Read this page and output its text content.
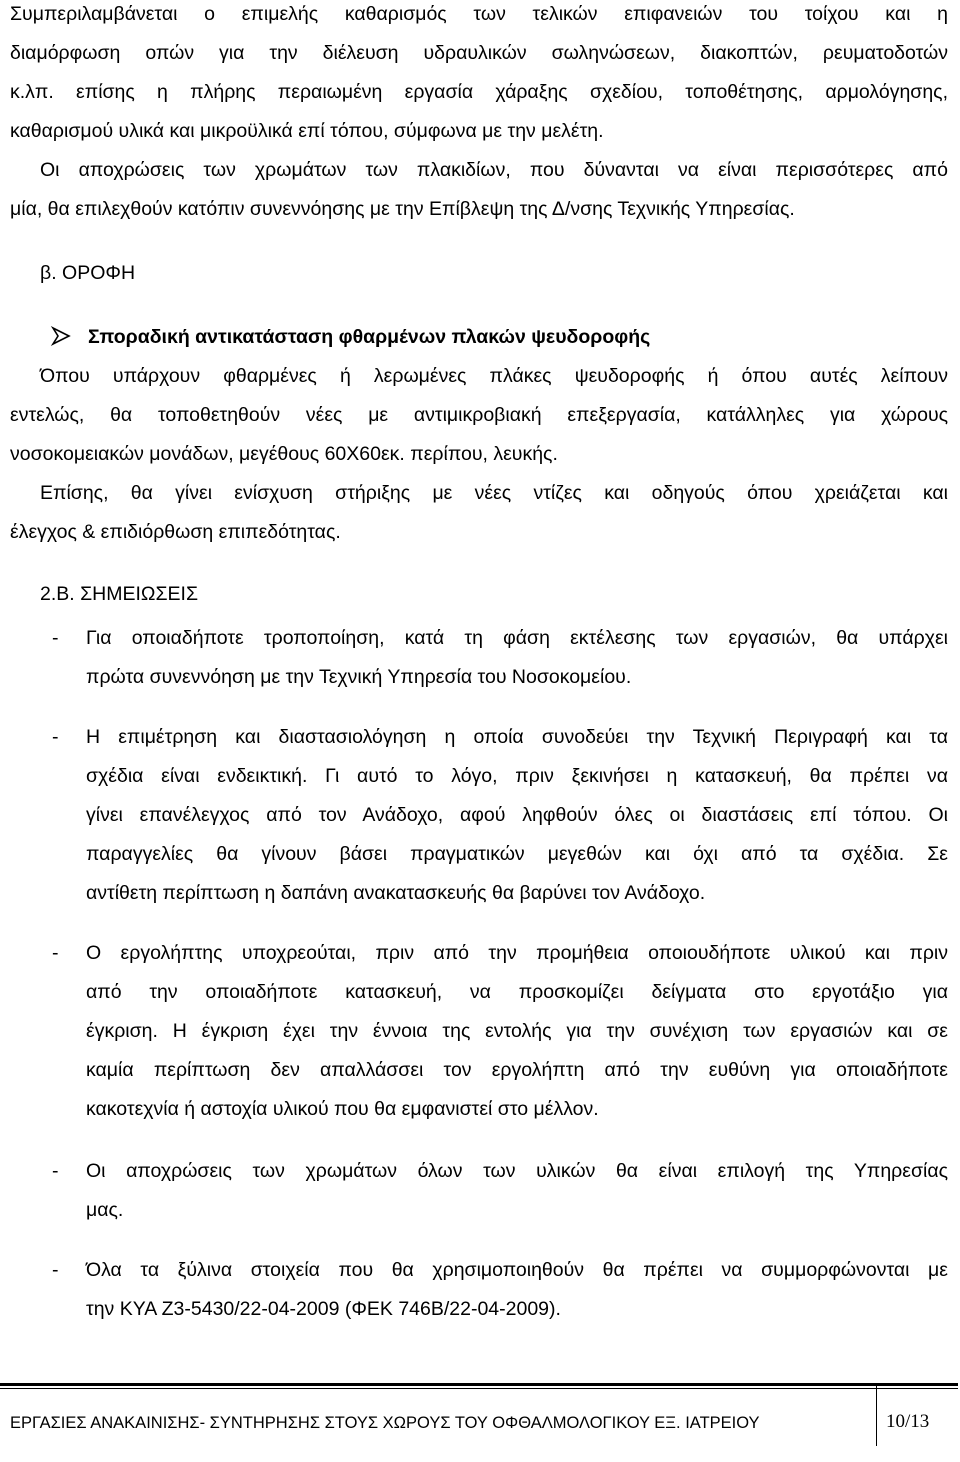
Συμπεριλαμβάνεται ο επιμελής καθαρισμός των τελικών επιφανειών του τοίχου και η
διαμόρφωση οπών για την διέλευση υδραυλικών σωληνώσεων, διακοπτών, ρευματοδοτών
κ.λπ. επίσης η πλήρης περαιωμένη εργασία χάραξης σχεδίου, τοποθέτησης, αρμολόγησης,
καθαρισμού υλικά και μικροϋλικά επί τόπου, σύμφωνα με την μελέτη.
Οι αποχρώσεις των χρωμάτων των πλακιδίων, που δύνανται να είναι περισσότερες από
μία, θα επιλεχθούν κατόπιν συνεννόησης με την Επίβλεψη της Δ/νσης Τεχνικής Υπηρεσίας.
β. ΟΡΟΦΗ
Σποραδική αντικατάσταση φθαρμένων πλακών ψευδοροφής
Όπου υπάρχουν φθαρμένες ή λερωμένες πλάκες ψευδοροφής ή όπου αυτές λείπουν
εντελώς, θα τοποθετηθούν νέες με αντιμικροβιακή επεξεργασία, κατάλληλες για χώρους
νοσοκομειακών μονάδων, μεγέθους 60Χ60εκ. περίπου, λευκής.
Επίσης, θα γίνει ενίσχυση στήριξης με νέες ντίζες και οδηγούς όπου χρειάζεται και
έλεγχος & επιδιόρθωση επιπεδότητας.
2.Β. ΣΗΜΕΙΩΣΕΙΣ
- Για οποιαδήποτε τροποποίηση, κατά τη φάση εκτέλεσης των εργασιών, θα υπάρχει
πρώτα συνεννόηση με την Τεχνική Υπηρεσία του Νοσοκομείου.
- Η επιμέτρηση και διαστασιολόγηση η οποία συνοδεύει την Τεχνική Περιγραφή και τα
σχέδια είναι ενδεικτική. Γι αυτό το λόγο, πριν ξεκινήσει η κατασκευή, θα πρέπει να
γίνει επανέλεγχος από τον Ανάδοχο, αφού ληφθούν όλες οι διαστάσεις επί τόπου. Οι
παραγγελίες θα γίνουν βάσει πραγματικών μεγεθών και όχι από τα σχέδια. Σε
αντίθετη περίπτωση η δαπάνη ανακατασκευής θα βαρύνει τον Ανάδοχο.
- Ο εργολήπτης υποχρεούται, πριν από την προμήθεια οποιουδήποτε υλικού και πριν
από την οποιαδήποτε κατασκευή, να προσκομίζει δείγματα στο εργοτάξιο για
έγκριση. Η έγκριση έχει την έννοια της εντολής για την συνέχιση των εργασιών και σε
καμία περίπτωση δεν απαλλάσσει τον εργολήπτη από την ευθύνη για οποιαδήποτε
κακοτεχνία ή αστοχία υλικού που θα εμφανιστεί στο μέλλον.
- Οι αποχρώσεις των χρωμάτων όλων των υλικών θα είναι επιλογή της Υπηρεσίας
μας.
- Όλα τα ξύλινα στοιχεία που θα χρησιμοποιηθούν θα πρέπει να συμμορφώνονται με
την ΚΥΑ Ζ3-5430/22-04-2009 (ΦΕΚ 746Β/22-04-2009).
ΕΡΓΑΣΙΕΣ ΑΝΑΚΑΙΝΙΣΗΣ- ΣΥΝΤΗΡΗΣΗΣ ΣΤΟΥΣ ΧΩΡΟΥΣ ΤΟΥ ΟΦΘΑΛΜΟΛΟΓΙΚΟΥ ΕΞ. ΙΑΤΡΕΙΟΥ	10/13
